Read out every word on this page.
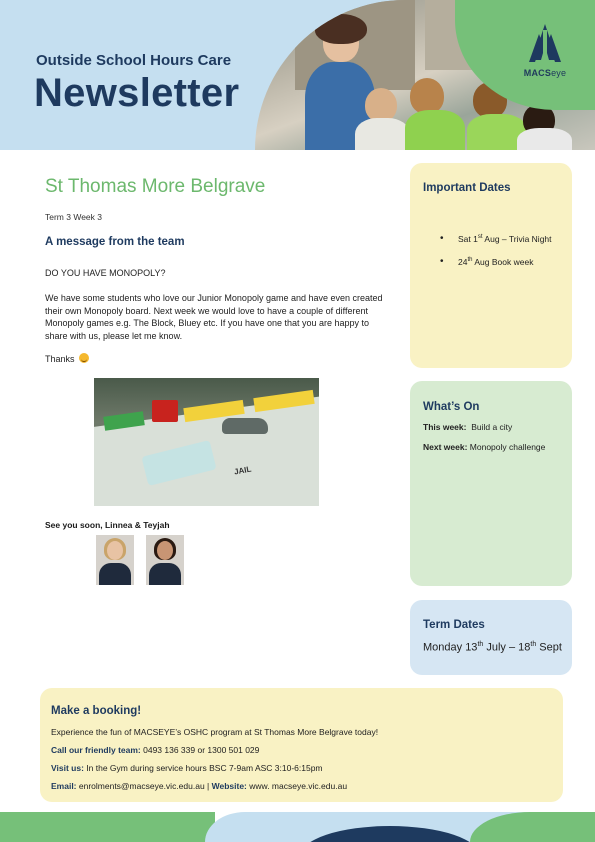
MACSeye
Outside School Hours Care
Newsletter
St Thomas More Belgrave
Term 3 Week 3
A message from the team
DO YOU HAVE MONOPOLY?
We have some students who love our Junior Monopoly game and have even created their own Monopoly board. Next week we would love to have a couple of different Monopoly games e.g. The Block, Bluey etc. If you have one that you are happy to share with us, please let me know.
Thanks
JAIL
See you soon, Linnea & Teyjah
Important Dates
• Sat 1st Aug – Trivia Night
• 24th Aug Book week
What’s On
This week:  Build a city
Next week: Monopoly challenge
Term Dates
Monday 13th July – 18th Sept
Make a booking!
Experience the fun of MACSEYE’s OSHC program at St Thomas More Belgrave today!
Call our friendly team: 0493 136 339 or 1300 501 029
Visit us: In the Gym during service hours BSC 7-9am ASC 3:10-6:15pm
Email: enrolments@macseye.vic.edu.au | Website: www. macseye.vic.edu.au
